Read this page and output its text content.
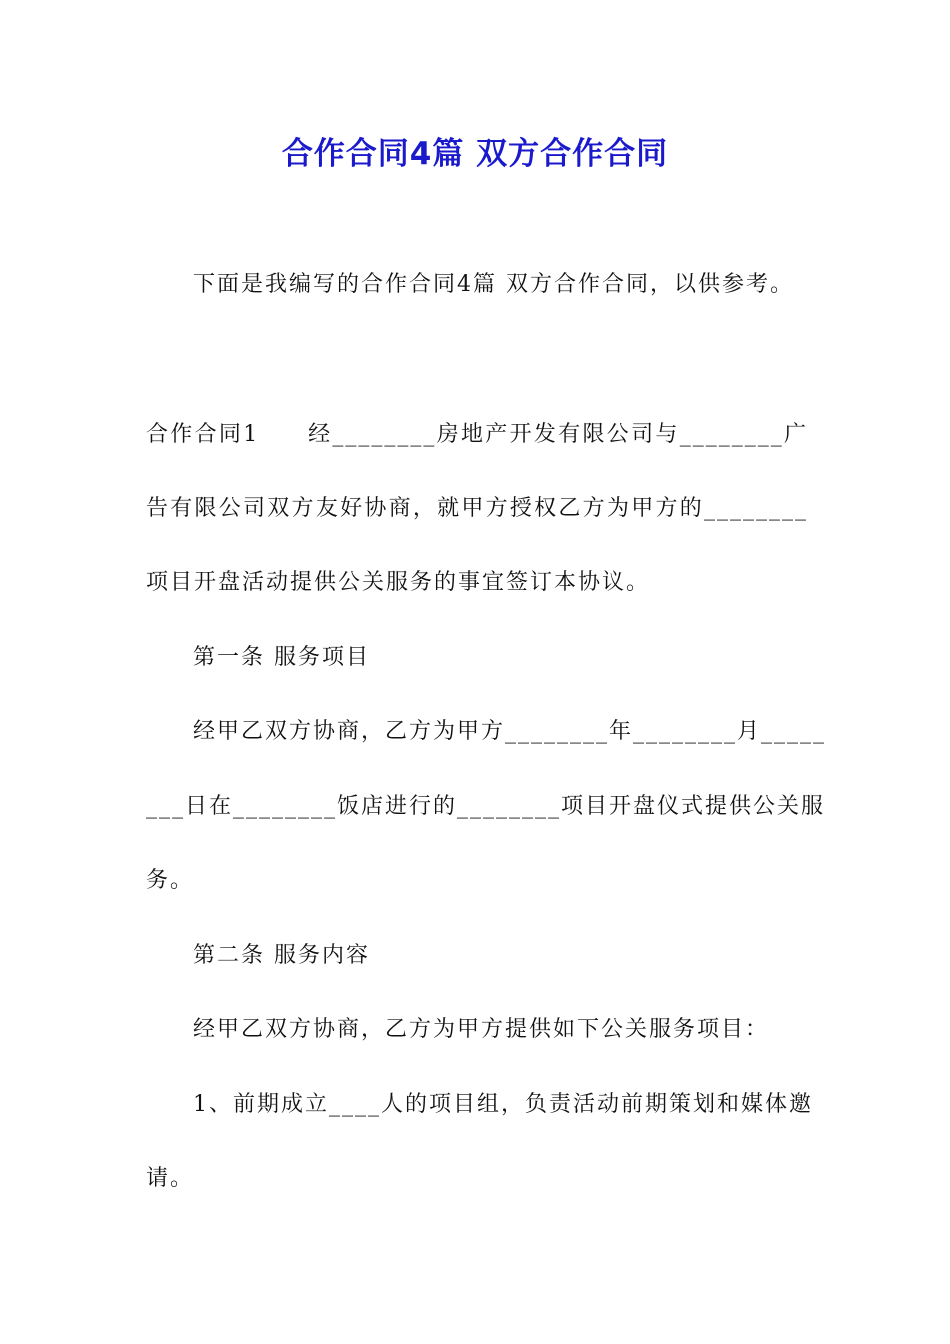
合作合同4篇 双方合作合同
下面是我编写的合作合同4篇 双方合作合同，以供参考。
合作合同1　　经________房地产开发有限公司与________广
告有限公司双方友好协商，就甲方授权乙方为甲方的________
项目开盘活动提供公关服务的事宜签订本协议。
第一条 服务项目
经甲乙双方协商，乙方为甲方________年________月_____
___日在________饭店进行的________项目开盘仪式提供公关服
务。
第二条 服务内容
经甲乙双方协商，乙方为甲方提供如下公关服务项目：
1、前期成立____人的项目组，负责活动前期策划和媒体邀
请。
